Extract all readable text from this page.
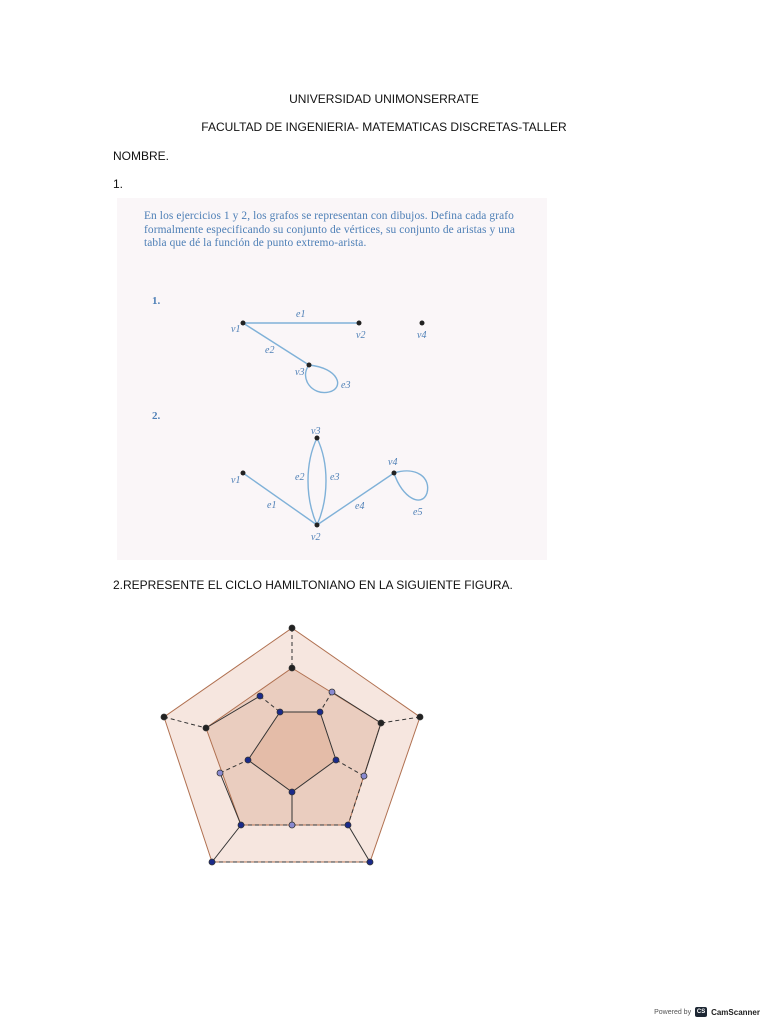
UNIVERSIDAD UNIMONSERRATE
FACULTAD DE INGENIERIA- MATEMATICAS DISCRETAS-TALLER
NOMBRE.
1.
En los ejercicios 1 y 2, los grafos se representan con dibujos. Defina cada grafo formalmente especificando su conjunto de vértices, su conjunto de aristas y una tabla que dé la función de punto extremo-arista.
1.
2.
v1
v2
v3
v4
e1
e2
e3
v1
v2
v3
v4
e1
e2	e3
e4
e5
2.REPRESENTE EL CICLO HAMILTONIANO EN LA SIGUIENTE FIGURA.
Powered by CS CamScanner
